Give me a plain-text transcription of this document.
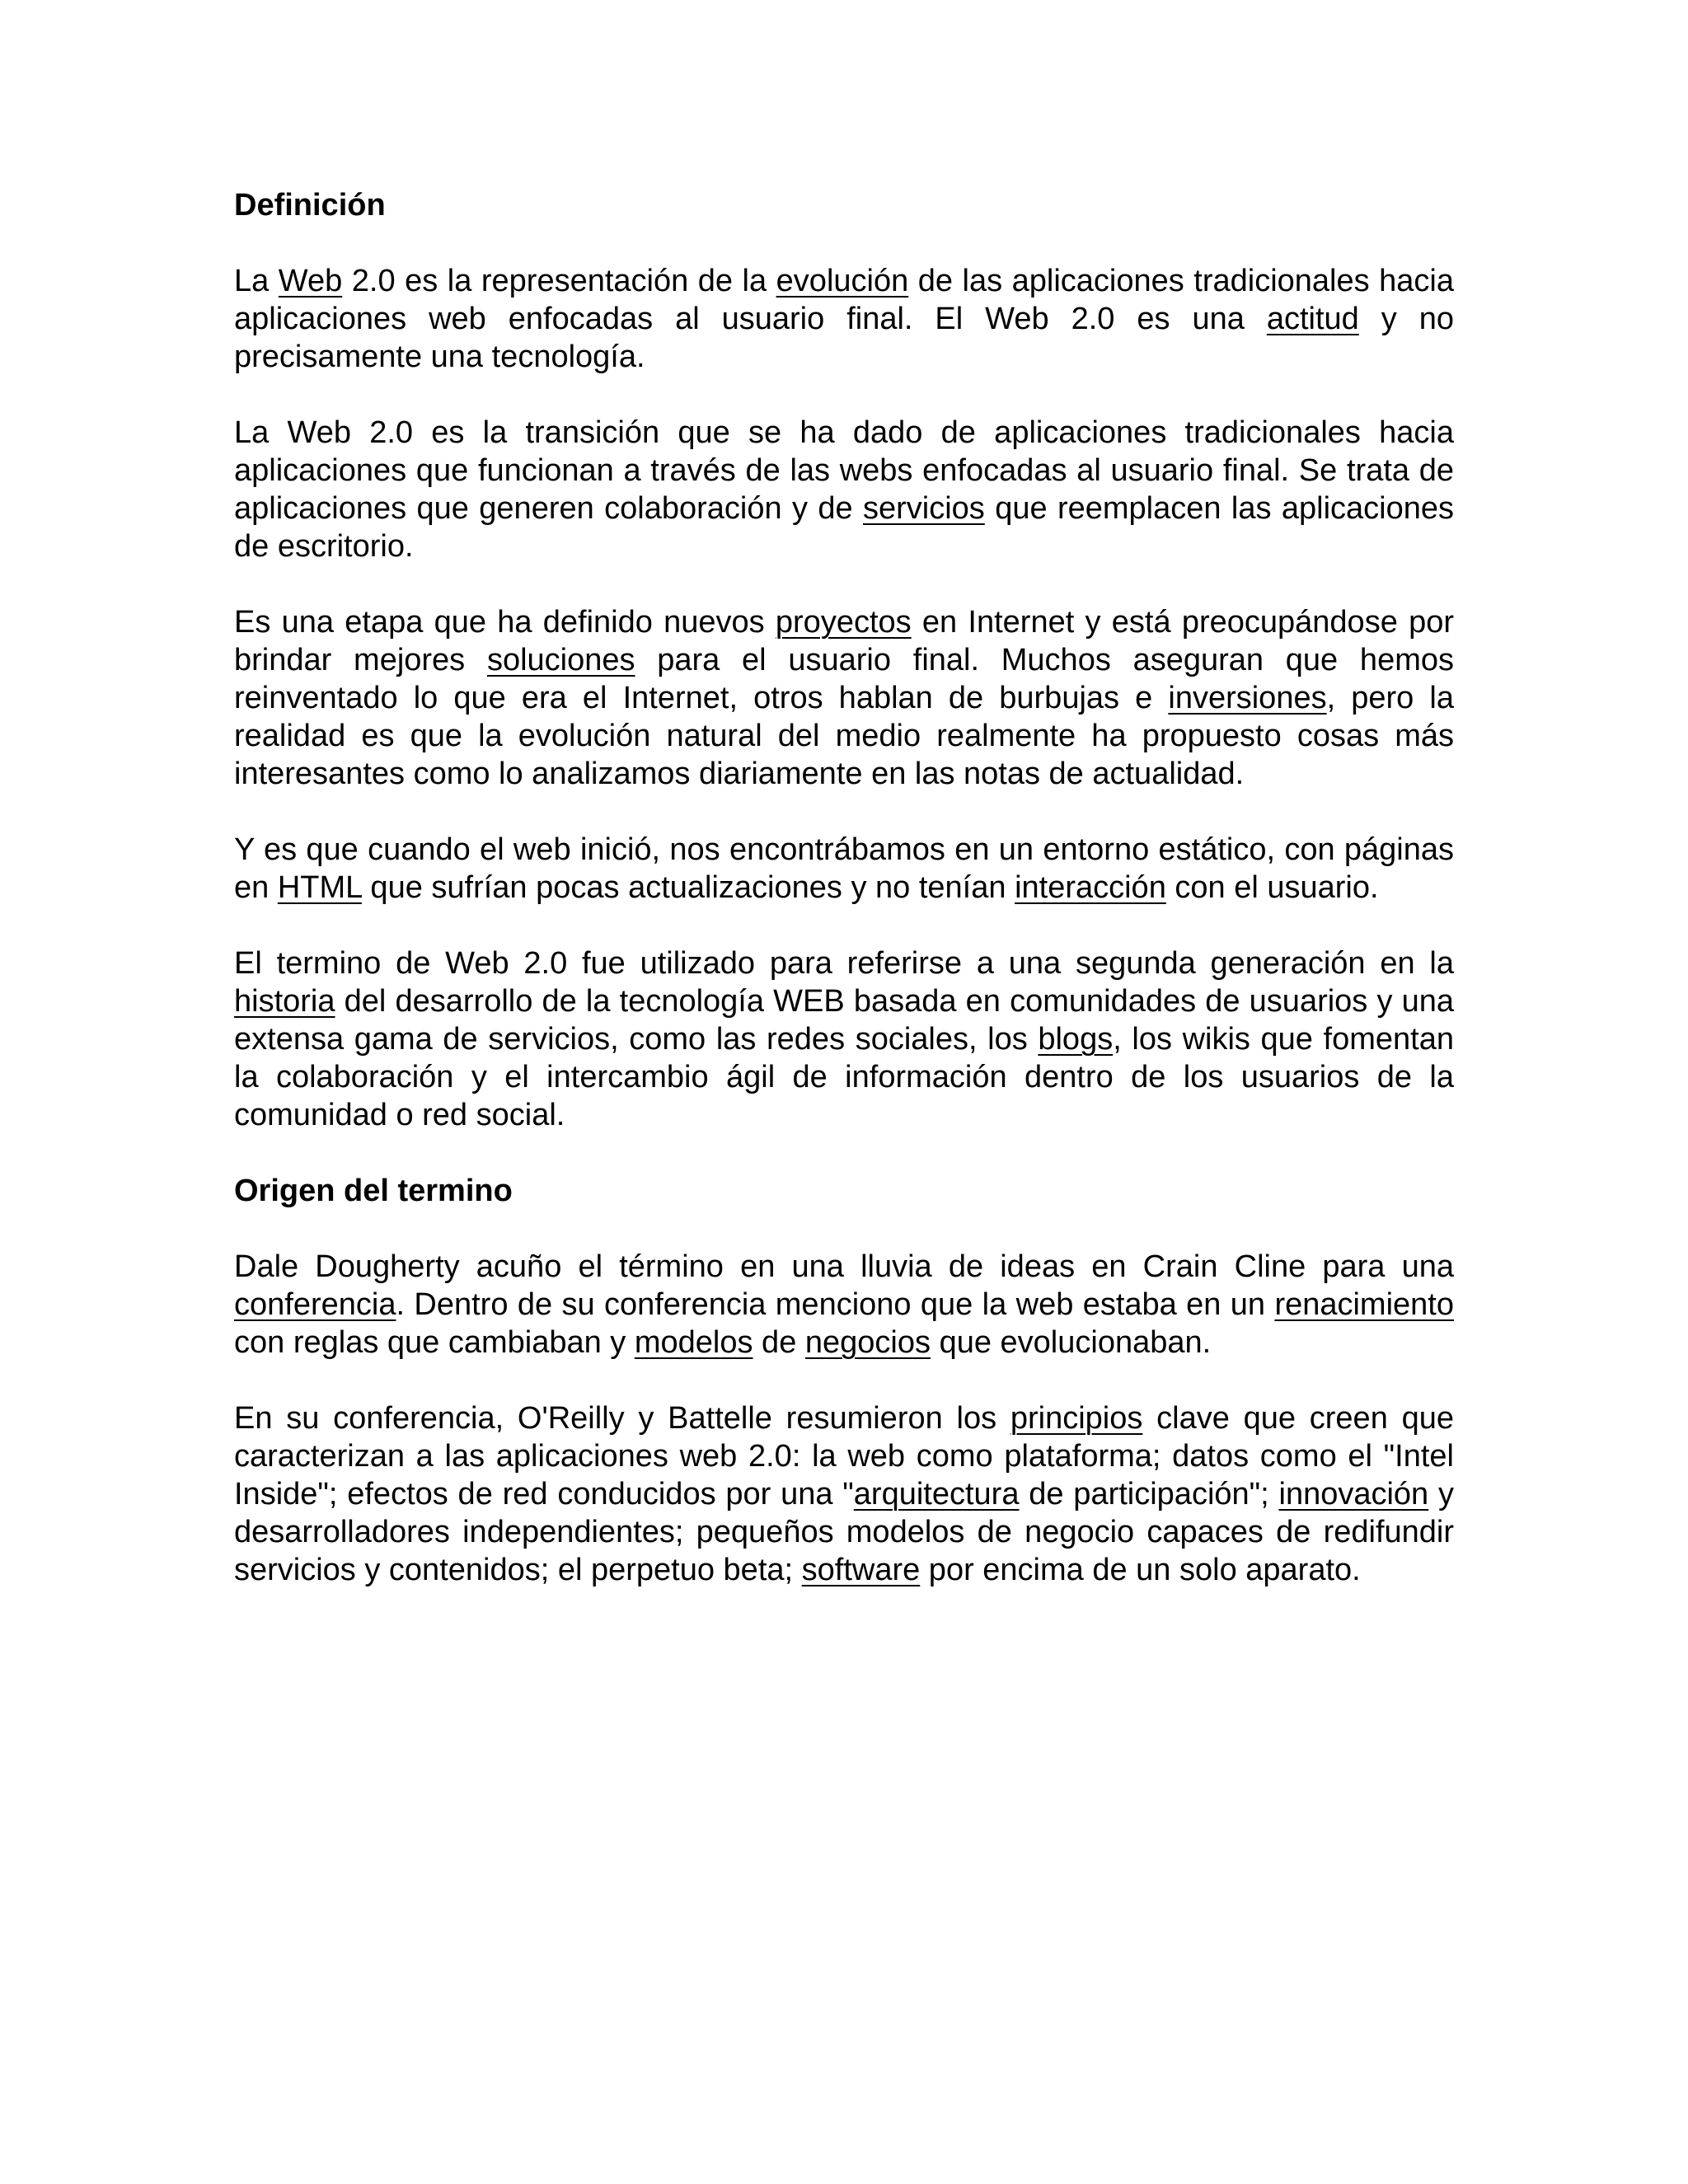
Definición

La Web 2.0 es la representación de la evolución de las aplicaciones tradicionales hacia aplicaciones web enfocadas al usuario final. El Web 2.0 es una actitud y no precisamente una tecnología.

La Web 2.0 es la transición que se ha dado de aplicaciones tradicionales hacia aplicaciones que funcionan a través de las webs enfocadas al usuario final. Se trata de aplicaciones que generen colaboración y de servicios que reemplacen las aplicaciones de escritorio.

Es una etapa que ha definido nuevos proyectos en Internet y está preocupándose por brindar mejores soluciones para el usuario final. Muchos aseguran que hemos reinventado lo que era el Internet, otros hablan de burbujas e inversiones, pero la realidad es que la evolución natural del medio realmente ha propuesto cosas más interesantes como lo analizamos diariamente en las notas de actualidad.

Y es que cuando el web inició, nos encontrábamos en un entorno estático, con páginas en HTML que sufrían pocas actualizaciones y no tenían interacción con el usuario.

El termino de Web 2.0 fue utilizado para referirse a una segunda generación en la historia del desarrollo de la tecnología WEB basada en comunidades de usuarios y una extensa gama de servicios, como las redes sociales, los blogs, los wikis que fomentan la colaboración y el intercambio ágil de información dentro de los usuarios de la comunidad o red social.

Origen del termino

Dale Dougherty acuño el término en una lluvia de ideas en Crain Cline para una conferencia. Dentro de su conferencia menciono que la web estaba en un renacimiento con reglas que cambiaban y modelos de negocios que evolucionaban.

En su conferencia, O'Reilly y Battelle resumieron los principios clave que creen que caracterizan a las aplicaciones web 2.0: la web como plataforma; datos como el "Intel Inside"; efectos de red conducidos por una "arquitectura de participación"; innovación y desarrolladores independientes; pequeños modelos de negocio capaces de redifundir servicios y contenidos; el perpetuo beta; software por encima de un solo aparato.
